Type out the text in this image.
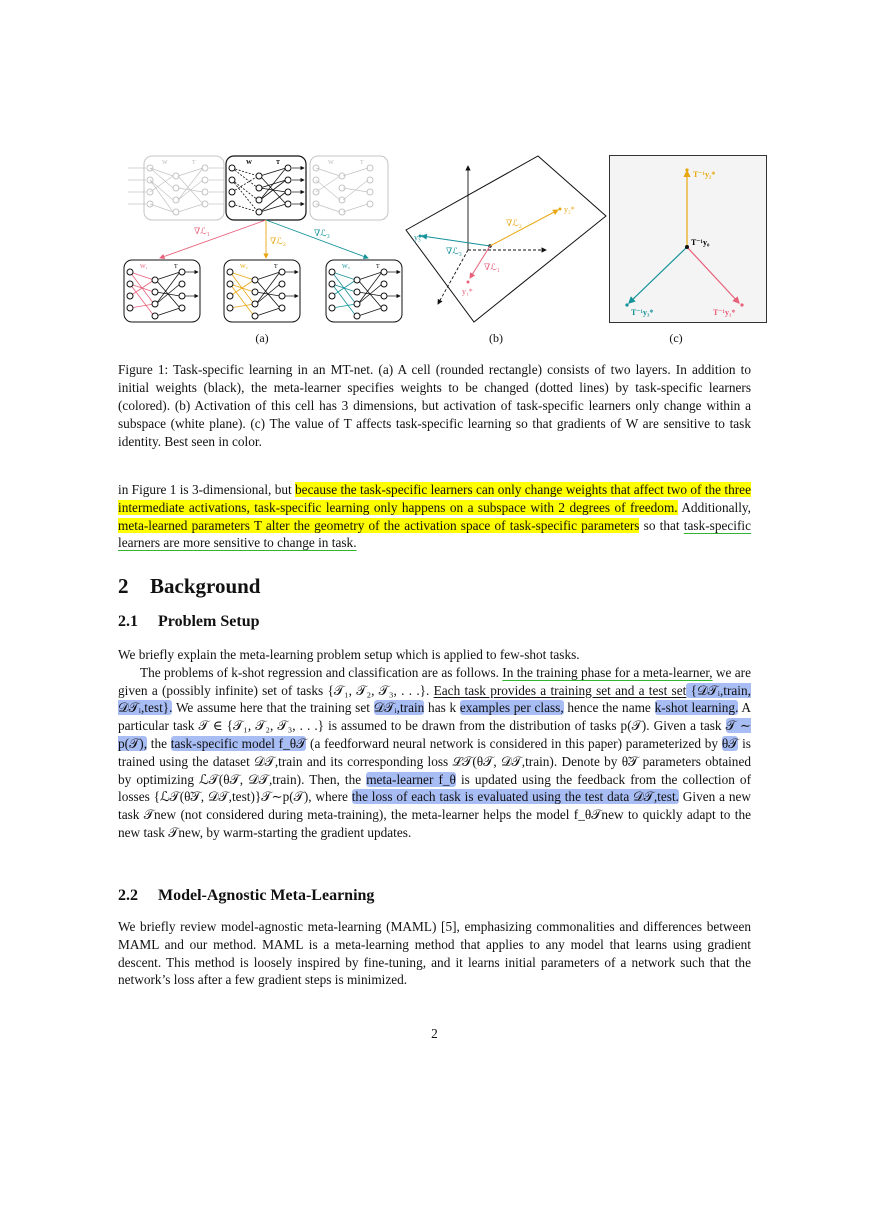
W	T	W	T	W	T
∇ℒ₁
∇ℒ₂
∇ℒ₃
W₁	T	W₂	T	W₃	T
(a)
y₂*
y₃*
y₁*
∇ℒ₂
∇ℒ₃
∇ℒ₁
(b)
T⁻¹y₂*
T⁻¹y₀
T⁻¹y₃*	T⁻¹y₁*
(c)

Figure 1: Task-specific learning in an MT-net. (a) A cell (rounded rectangle) consists of two layers. In addition to initial weights (black), the meta-learner specifies weights to be changed (dotted lines) by task-specific learners (colored). (b) Activation of this cell has 3 dimensions, but activation of task-specific learners only change within a subspace (white plane). (c) The value of T affects task-specific learning so that gradients of W are sensitive to task identity. Best seen in color.

in Figure 1 is 3-dimensional, but because the task-specific learners can only change weights that affect two of the three intermediate activations, task-specific learning only happens on a subspace with 2 degrees of freedom. Additionally, meta-learned parameters T alter the geometry of the activation space of task-specific parameters so that task-specific learners are more sensitive to change in task.

2 Background
2.1 Problem Setup

We briefly explain the meta-learning problem setup which is applied to few-shot tasks.

The problems of k-shot regression and classification are as follows. In the training phase for a meta-learner, we are given a (possibly infinite) set of tasks {𝒯₁, 𝒯₂, 𝒯₃, . . .}. Each task provides a training set and a test set {𝒟𝒯ᵢ,train, 𝒟𝒯ᵢ,test}. We assume here that the training set 𝒟𝒯ᵢ,train has k examples per class, hence the name k-shot learning. A particular task 𝒯 ∈ {𝒯₁, 𝒯₂, 𝒯₃, . . .} is assumed to be drawn from the distribution of tasks p(𝒯). Given a task 𝒯 ∼ p(𝒯), the task-specific model f_θ𝒯 (a feedforward neural network is considered in this paper) parameterized by θ𝒯 is trained using the dataset 𝒟𝒯,train and its corresponding loss ℒ𝒯(θ𝒯, 𝒟𝒯,train). Denote by θ̃𝒯 parameters obtained by optimizing ℒ𝒯(θ𝒯, 𝒟𝒯,train). Then, the meta-learner f_θ is updated using the feedback from the collection of losses {ℒ𝒯(θ̃𝒯, 𝒟𝒯,test)}𝒯∼p(𝒯), where the loss of each task is evaluated using the test data 𝒟𝒯,test. Given a new task 𝒯new (not considered during meta-training), the meta-learner helps the model f_θ𝒯new to quickly adapt to the new task 𝒯new, by warm-starting the gradient updates.

2.2 Model-Agnostic Meta-Learning

We briefly review model-agnostic meta-learning (MAML) [5], emphasizing commonalities and differences between MAML and our method. MAML is a meta-learning method that applies to any model that learns using gradient descent. This method is loosely inspired by fine-tuning, and it learns initial parameters of a network such that the network’s loss after a few gradient steps is minimized.

2
